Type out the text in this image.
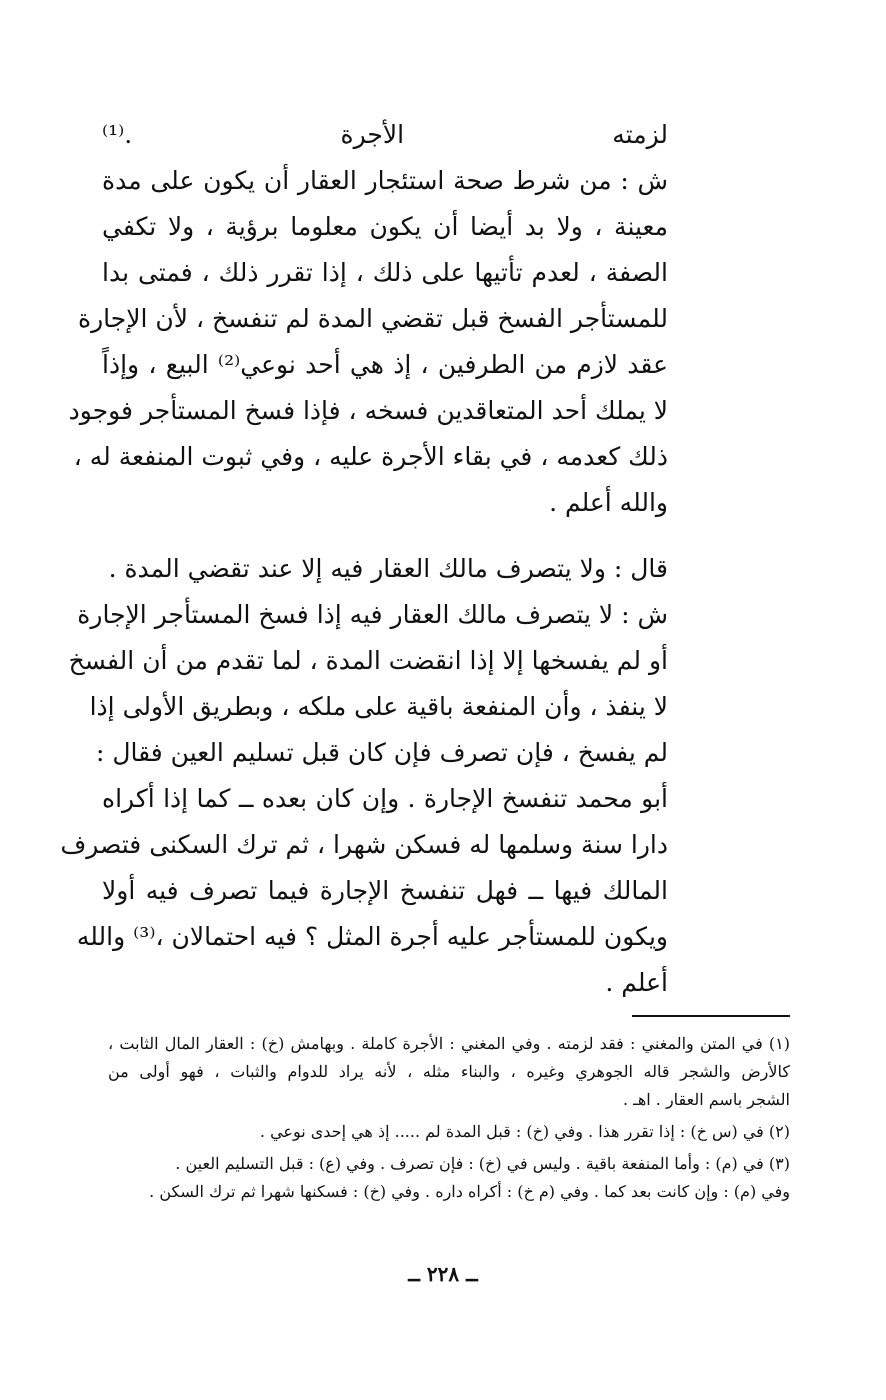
لزمته الأجرة .⁽¹⁾
ش : من شرط صحة استئجار العقار أن يكون على مدة
معينة ، ولا بد أيضا أن يكون معلوما برؤية ، ولا تكفي
الصفة ، لعدم تأتيها على ذلك ، إذا تقرر ذلك ، فمتى بدا
للمستأجر الفسخ قبل تقضي المدة لم تنفسخ ، لأن الإجارة
عقد لازم من الطرفين ، إذ هي أحد نوعي⁽²⁾ البيع ، وإذاً
لا يملك أحد المتعاقدين فسخه ، فإذا فسخ المستأجر فوجود
ذلك كعدمه ، في بقاء الأجرة عليه ، وفي ثبوت المنفعة له ،
والله أعلم .
قال : ولا يتصرف مالك العقار فيه إلا عند تقضي المدة .
ش : لا يتصرف مالك العقار فيه إذا فسخ المستأجر الإجارة
أو لم يفسخها إلا إذا انقضت المدة ، لما تقدم من أن الفسخ
لا ينفذ ، وأن المنفعة باقية على ملكه ، وبطريق الأولى إذا
لم يفسخ ، فإن تصرف فإن كان قبل تسليم العين فقال :
أبو محمد تنفسخ الإجارة . وإن كان بعده ــ كما إذا أكراه
دارا سنة وسلمها له فسكن شهرا ، ثم ترك السكنى فتصرف
المالك فيها ــ فهل تنفسخ الإجارة فيما تصرف فيه أولا
ويكون للمستأجر عليه أجرة المثل ؟ فيه احتمالان ،⁽³⁾ والله
أعلم .
(١) في المتن والمغني : فقد لزمته . وفي المغني : الأجرة كاملة . وبهامش (خ) : العقار المال الثابت ،
كالأرض والشجر قاله الجوهري وغيره ، والبناء مثله ، لأنه يراد للدوام والثبات ، فهو أولى من
الشجر باسم العقار . اهـ .
(٢) في (س خ) : إذا تقرر هذا . وفي (خ) : قبل المدة لم ..... إذ هي إحدى نوعي .
(٣) في (م) : وأما المنفعة باقية . وليس في (خ) : فإن تصرف . وفي (ع) : قبل التسليم العين .
وفي (م) : وإن كانت بعد كما . وفي (م خ) : أكراه داره . وفي (خ) : فسكنها شهرا ثم ترك السكن .
ــ ٢٢٨ ــ
